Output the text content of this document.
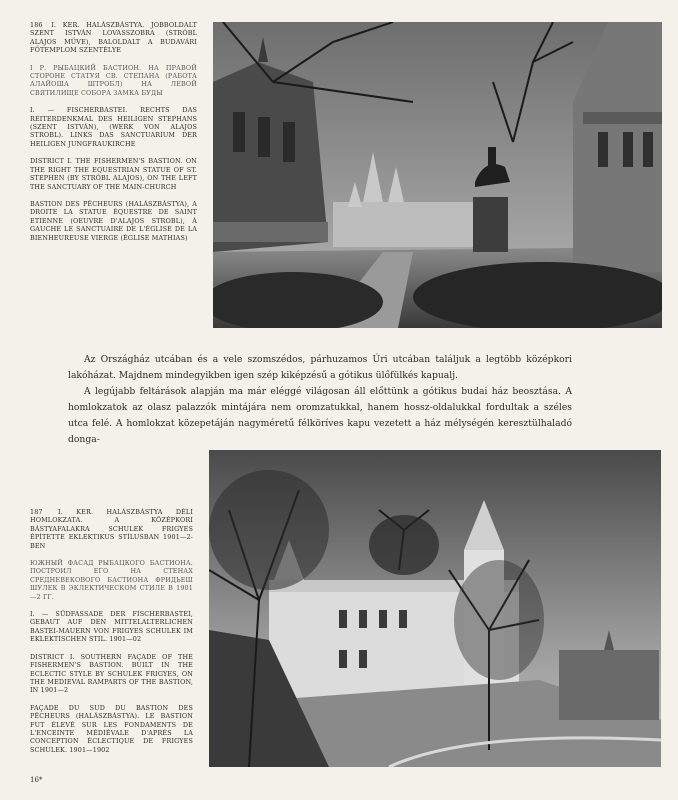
186 I. KER. HALÁSZBÁSTYA. JOBBOLDALT SZENT ISTVÁN LOVASSZOBRA (STRÓBL ALAJOS MŰVE), BALOLDALT A BUDAVÁRI FŐTEMPLOM SZENTÉLYE

I Р. РЫБАЦКИЙ БАСТИОН. НА ПРАВОЙ СТОРОНЕ СТАТУЯ СВ. СТЕПАНА (РАБОТА АЛАЙОША ШТРОБЛ) НА ЛЕВОЙ СВЯТИЛИЩЕ СОБОРА ЗАМКА БУДЫ

I. — FISCHERBASTEI. RECHTS DAS REITERDENKMAL DES HEILIGEN STEPHANS (SZENT ISTVÁN), (WERK VON ALAJOS STROBL). LINKS DAS SANCTUARIUM DER HEILIGEN JUNGFRAUKIRCHE

DISTRICT I. THE FISHERMEN'S BASTION. ON THE RIGHT THE EQUESTRIAN STATUE OF ST. STEPHEN (BY STRÓBL ALAJOS), ON THE LEFT THE SANCTUARY OF THE MAIN-CHURCH

BASTION DES PÊCHEURS (HALÁSZBÁSTYA), A DROITE LA STATUE ÉQUESTRE DE SAINT ETIENNE (OEUVRE D'ALAJOS STROBL), À GAUCHE LE SANCTUAIRE DE L'ÉGLISE DE LA BIENHEUREUSE VIERGE (ÉGLISE MATHIAS)

Az Országház utcában és a vele szomszédos, párhuzamos Úri utcában találjuk a legtöbb középkori lakóházat. Majdnem mindegyikben igen szép kiképzésű a gótikus ülőfülkés kapualj.

A legújabb feltárások alapján ma már eléggé világosan áll előttünk a gótikus budai ház beosztása. A homlokzatok az olasz palazzók mintájára nem oromzatukkal, hanem hossz-oldalukkal fordultak a széles utca felé. A homlokzat közepetáján nagyméretű félköríves kapu vezetett a ház mélységén keresztülhaladó donga-

187 I. KER. HALÁSZBÁSTYA DÉLI HOMLOKZATA. A KÖZÉPKORI BÁSTYAFALAKRA SCHULEK FRIGYES ÉPÍTETTE EKLEKTIKUS STÍLUSBAN 1901—2-BEN

ЮЖНЫЙ ФАСАД РЫБАЦКОГО БАСТИОНА. ПОСТРОИЛ ЕГО НА СТЕНАХ СРЕДНЕВЕКОВОГО БАСТИОНА ФРИДЬЕШ ШУЛЕК В ЭКЛЕКТИЧЕСКОМ СТИЛЕ В 1901—2 ГГ.

I. — SÜDFASSADE DER FISCHERBASTEI, GEBAUT AUF DEN MITTELALTERLICHEN BASTEI-MAUERN VON FRIGYES SCHULEK IM EKLEKTISCHEN STIL. 1901—02

DISTRICT I. SOUTHERN FAÇADE OF THE FISHERMEN'S BASTION. BUILT IN THE ECLECTIC STYLE BY SCHULEK FRIGYES, ON THE MEDIEVAL RAMPARTS OF THE BASTION, IN 1901—2

FAÇADE DU SUD DU BASTION DES PÊCHEURS (HALÁSZBÁSTYA). LE BASTION FUT ÉLEVÉ SUR LES FONDAMENTS DE L'ENCEINTE MÉDIÉVALE D'APRÈS LA CONCEPTION ÉCLECTIQUE DE FRIGYES SCHULEK. 1901—1902

16*
